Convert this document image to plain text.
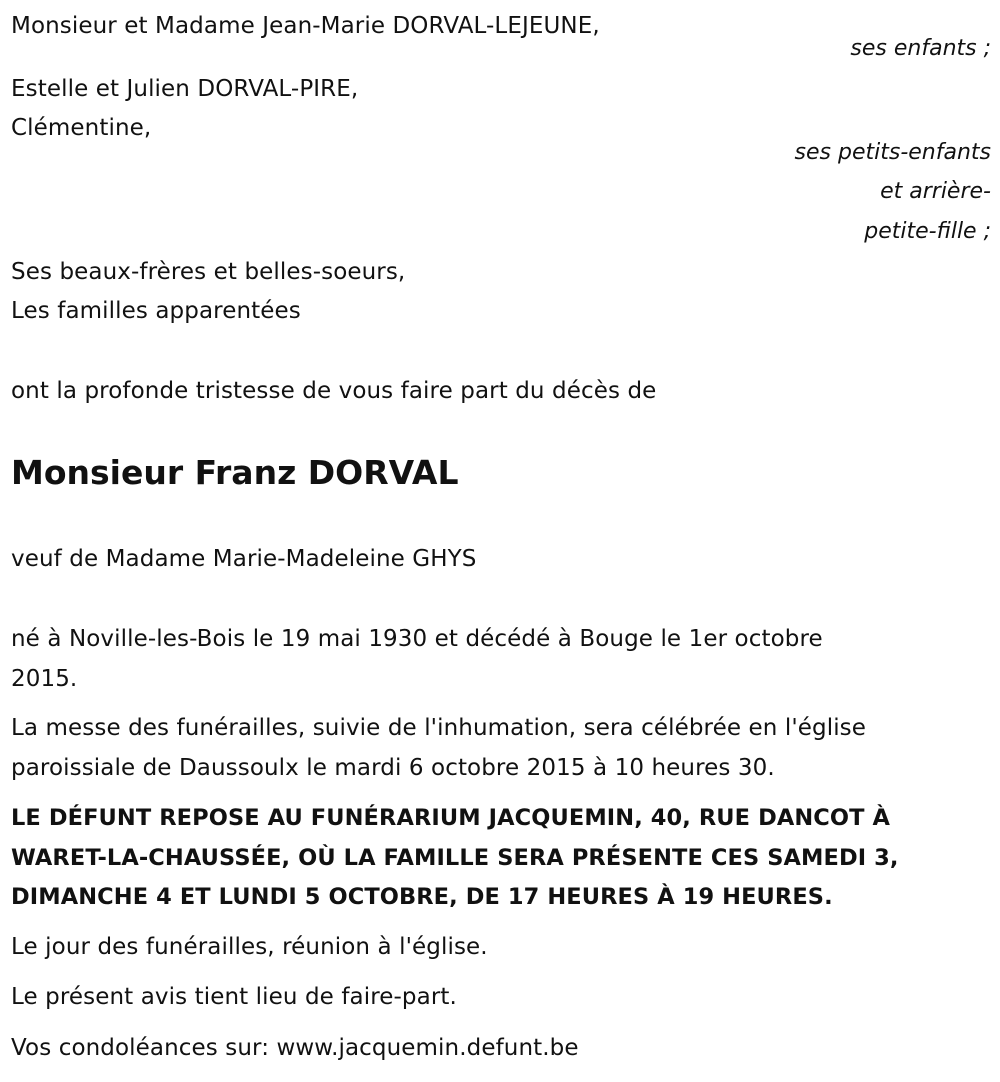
Monsieur et Madame Jean-Marie DORVAL-LEJEUNE,
ses enfants ;
Estelle et Julien DORVAL-PIRE,
Clémentine,
ses petits-enfants
et arrière-
petite-fille ;
Ses beaux-frères et belles-soeurs,
Les familles apparentées
ont la profonde tristesse de vous faire part du décès de
Monsieur Franz DORVAL
veuf de Madame Marie-Madeleine GHYS
né à Noville-les-Bois le 19 mai 1930 et décédé à Bouge le 1er octobre
2015.
La messe des funérailles, suivie de l'inhumation, sera célébrée en l'église
paroissiale de Daussoulx le mardi 6 octobre 2015 à 10 heures 30.
LE DÉFUNT REPOSE AU FUNÉRARIUM JACQUEMIN, 40, RUE DANCOT À
WARET-LA-CHAUSSÉE, OÙ LA FAMILLE SERA PRÉSENTE CES SAMEDI 3,
DIMANCHE 4 ET LUNDI 5 OCTOBRE, DE 17 HEURES À 19 HEURES.
Le jour des funérailles, réunion à l'église.
Le présent avis tient lieu de faire-part.
Vos condoléances sur: www.jacquemin.defunt.be
